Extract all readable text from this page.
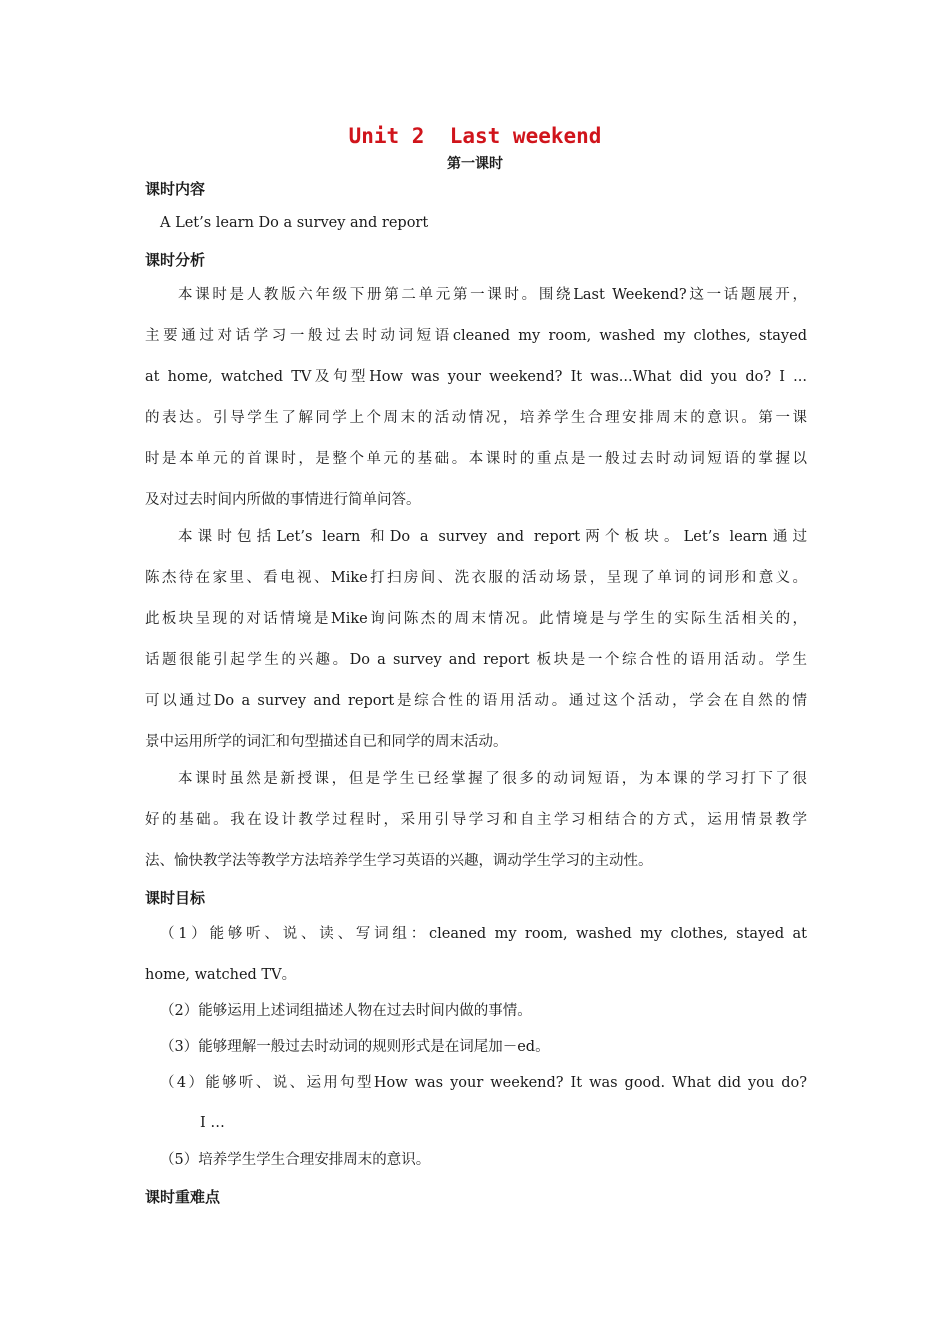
Unit 2  Last weekend
第一课时
课时内容
A Let’s learn Do a survey and report
课时分析
本课时是人教版六年级下册第二单元第一课时。围绕Last Weekend?这一话题展开，
主要通过对话学习一般过去时动词短语cleaned my room, washed my clothes, stayed
at home, watched TV及句型How was your weekend? It was...What did you do? I ...
的表达。引导学生了解同学上个周末的活动情况，培养学生合理安排周末的意识。第一课
时是本单元的首课时，是整个单元的基础。本课时的重点是一般过去时动词短语的掌握以
及对过去时间内所做的事情进行简单问答。
本课时包括Let’s learn 和Do a survey and report两个板块。Let’s learn通过
陈杰待在家里、看电视、Mike打扫房间、洗衣服的活动场景，呈现了单词的词形和意义。
此板块呈现的对话情境是Mike询问陈杰的周末情况。此情境是与学生的实际生活相关的，
话题很能引起学生的兴趣。Do a survey and report 板块是一个综合性的语用活动。学生
可以通过Do a survey and report是综合性的语用活动。通过这个活动，学会在自然的情
景中运用所学的词汇和句型描述自已和同学的周末活动。
本课时虽然是新授课，但是学生已经掌握了很多的动词短语，为本课的学习打下了很
好的基础。我在设计教学过程时，采用引导学习和自主学习相结合的方式，运用情景教学
法、愉快教学法等教学方法培养学生学习英语的兴趣，调动学生学习的主动性。
课时目标
（1）能够听、说、读、写词组：cleaned my room, washed my clothes, stayed at
home, watched TV。
（2）能够运用上述词组描述人物在过去时间内做的事情。
（3）能够理解一般过去时动词的规则形式是在词尾加－ed。
（4）能够听、说、运用句型How was your weekend? It was good. What did you do?
I …
（5）培养学生学生合理安排周末的意识。
课时重难点
